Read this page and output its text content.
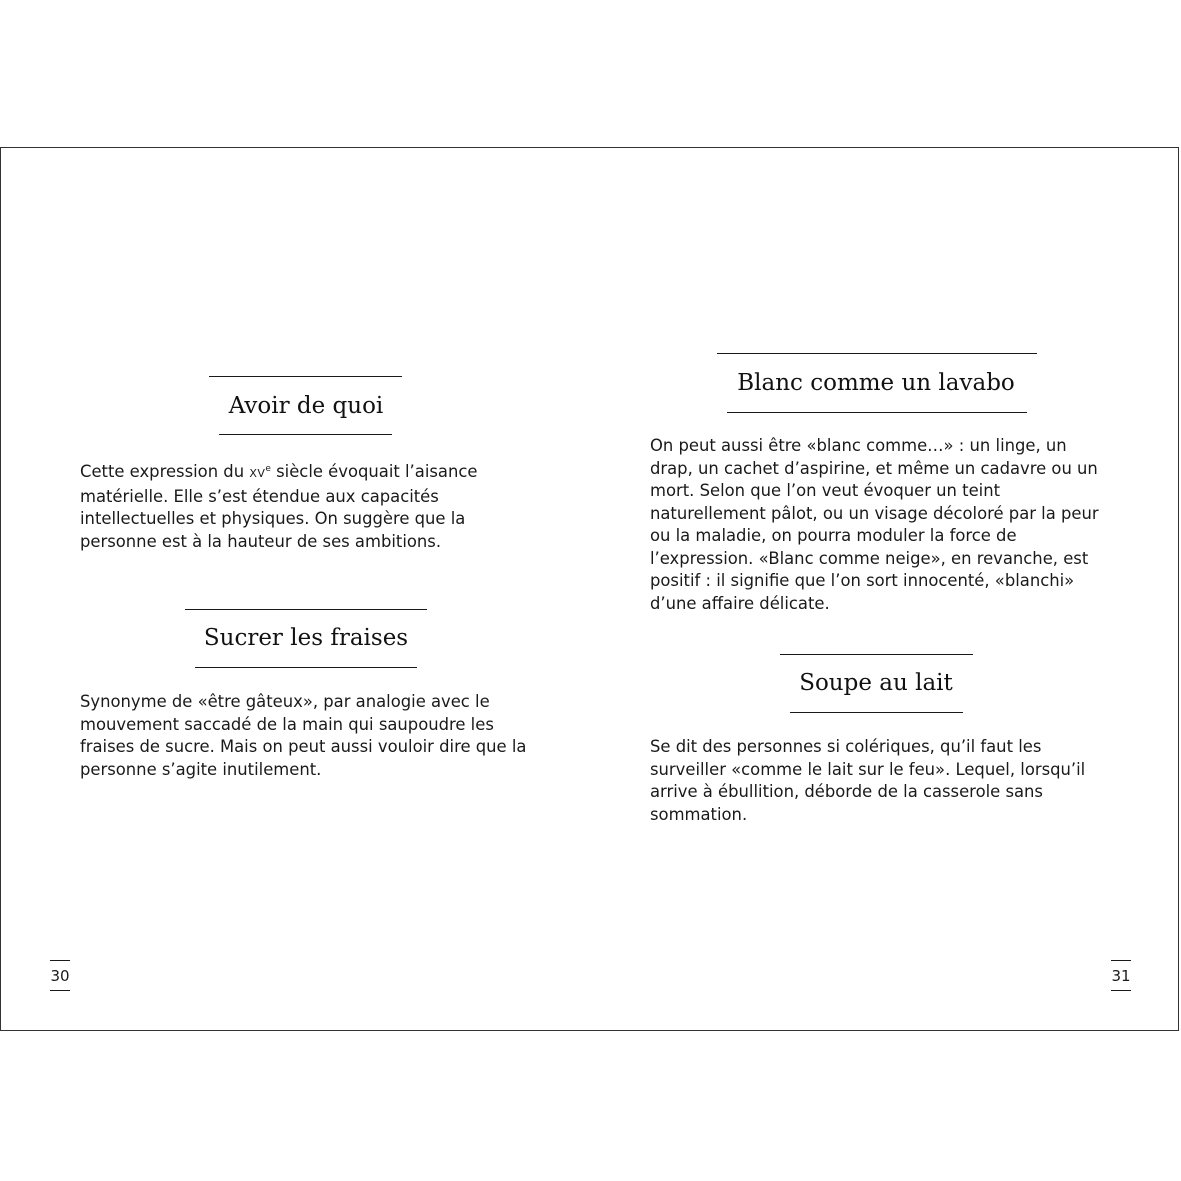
Avoir de quoi

Cette expression du XVe siècle évoquait l’aisance matérielle. Elle s’est étendue aux capacités intellectuelles et physiques. On suggère que la personne est à la hauteur de ses ambitions.

Sucrer les fraises

Synonyme de «être gâteux», par analogie avec le mouvement saccadé de la main qui saupoudre les fraises de sucre. Mais on peut aussi vouloir dire que la personne s’agite inutilement.

30
Blanc comme un lavabo

On peut aussi être «blanc comme…» : un linge, un drap, un cachet d’aspirine, et même un cadavre ou un mort. Selon que l’on veut évoquer un teint naturellement pâlot, ou un visage décoloré par la peur ou la maladie, on pourra moduler la force de l’expression. «Blanc comme neige», en revanche, est positif : il signifie que l’on sort innocenté, «blanchi» d’une affaire délicate.

Soupe au lait

Se dit des personnes si colériques, qu’il faut les surveiller «comme le lait sur le feu». Lequel, lorsqu’il arrive à ébullition, déborde de la casserole sans sommation.

31
